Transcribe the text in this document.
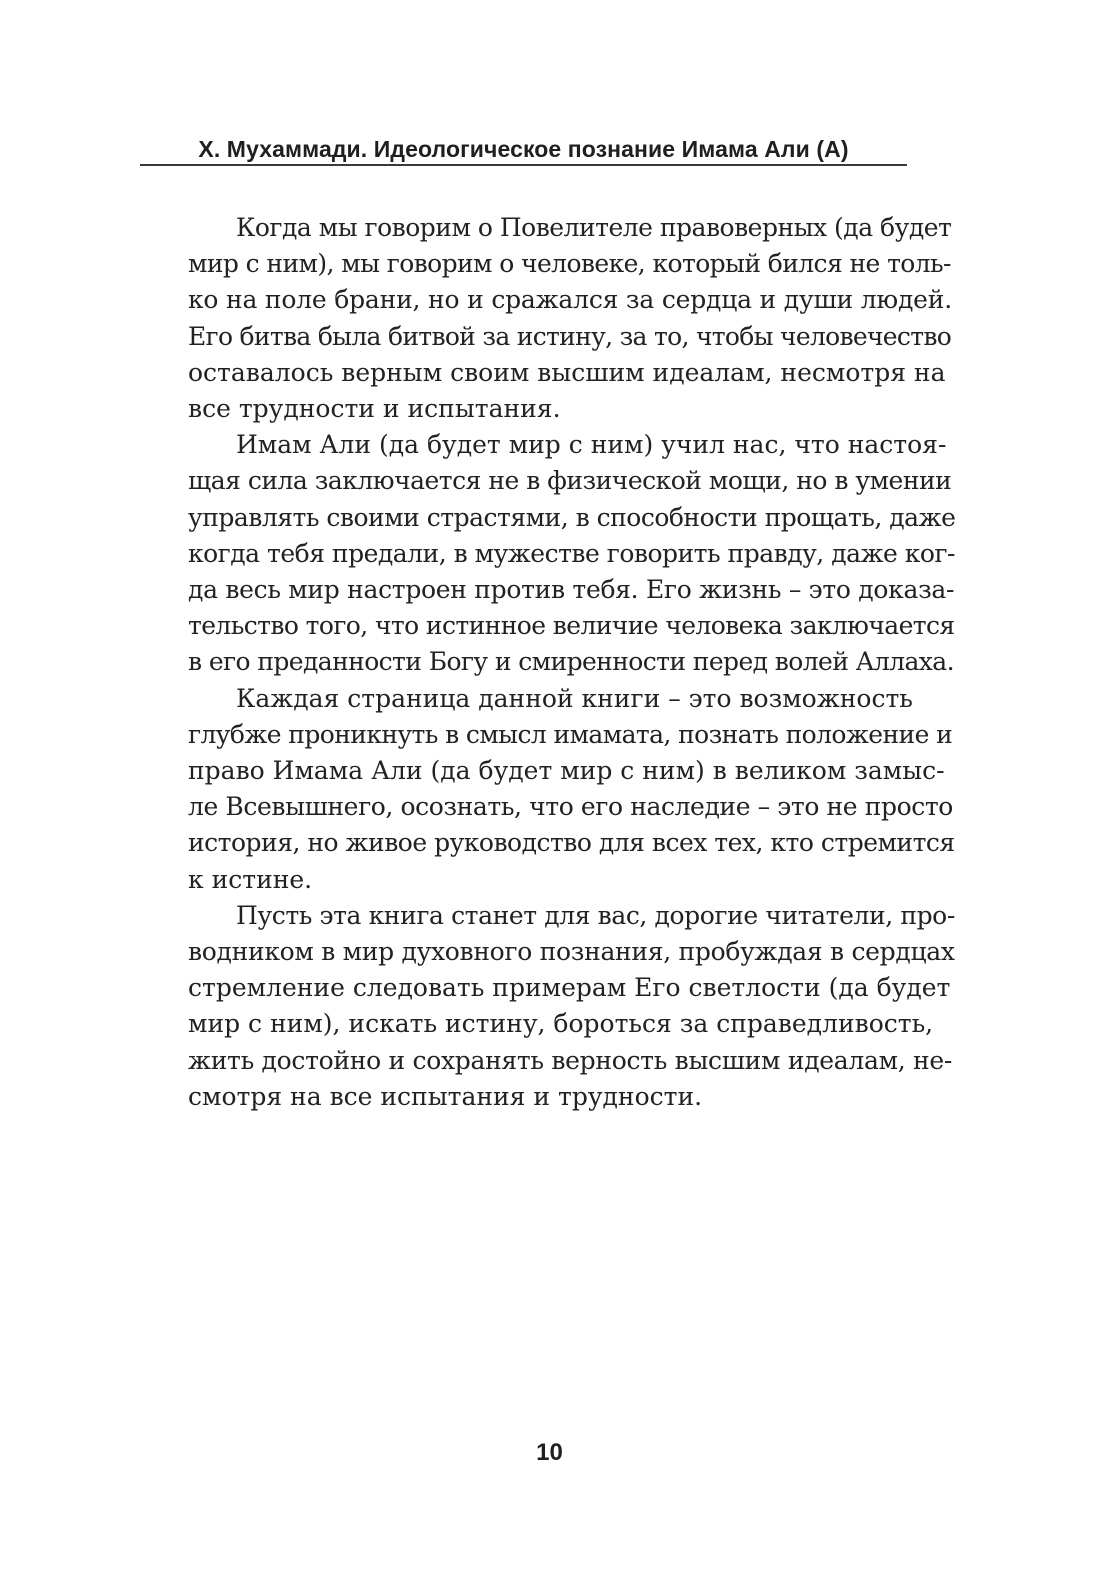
Х. Мухаммади. Идеологическое познание Имама Али (А)
Когда мы говорим о Повелителе правоверных (да будет
мир с ним), мы говорим о человеке, который бился не толь-
ко на поле брани, но и сражался за сердца и души людей.
Его битва была битвой за истину, за то, чтобы человечество
оставалось верным своим высшим идеалам, несмотря на
все трудности и испытания.
Имам Али (да будет мир с ним) учил нас, что настоя-
щая сила заключается не в физической мощи, но в умении
управлять своими страстями, в способности прощать, даже
когда тебя предали, в мужестве говорить правду, даже ког-
да весь мир настроен против тебя. Его жизнь – это доказа-
тельство того, что истинное величие человека заключается
в его преданности Богу и смиренности перед волей Аллаха.
Каждая страница данной книги – это возможность
глубже проникнуть в смысл имамата, познать положение и
право Имама Али (да будет мир с ним) в великом замыс-
ле Всевышнего, осознать, что его наследие – это не просто
история, но живое руководство для всех тех, кто стремится
к истине.
Пусть эта книга станет для вас, дорогие читатели, про-
водником в мир духовного познания, пробуждая в сердцах
стремление следовать примерам Его светлости (да будет
мир с ним), искать истину, бороться за справедливость,
жить достойно и сохранять верность высшим идеалам, не-
смотря на все испытания и трудности.
10
